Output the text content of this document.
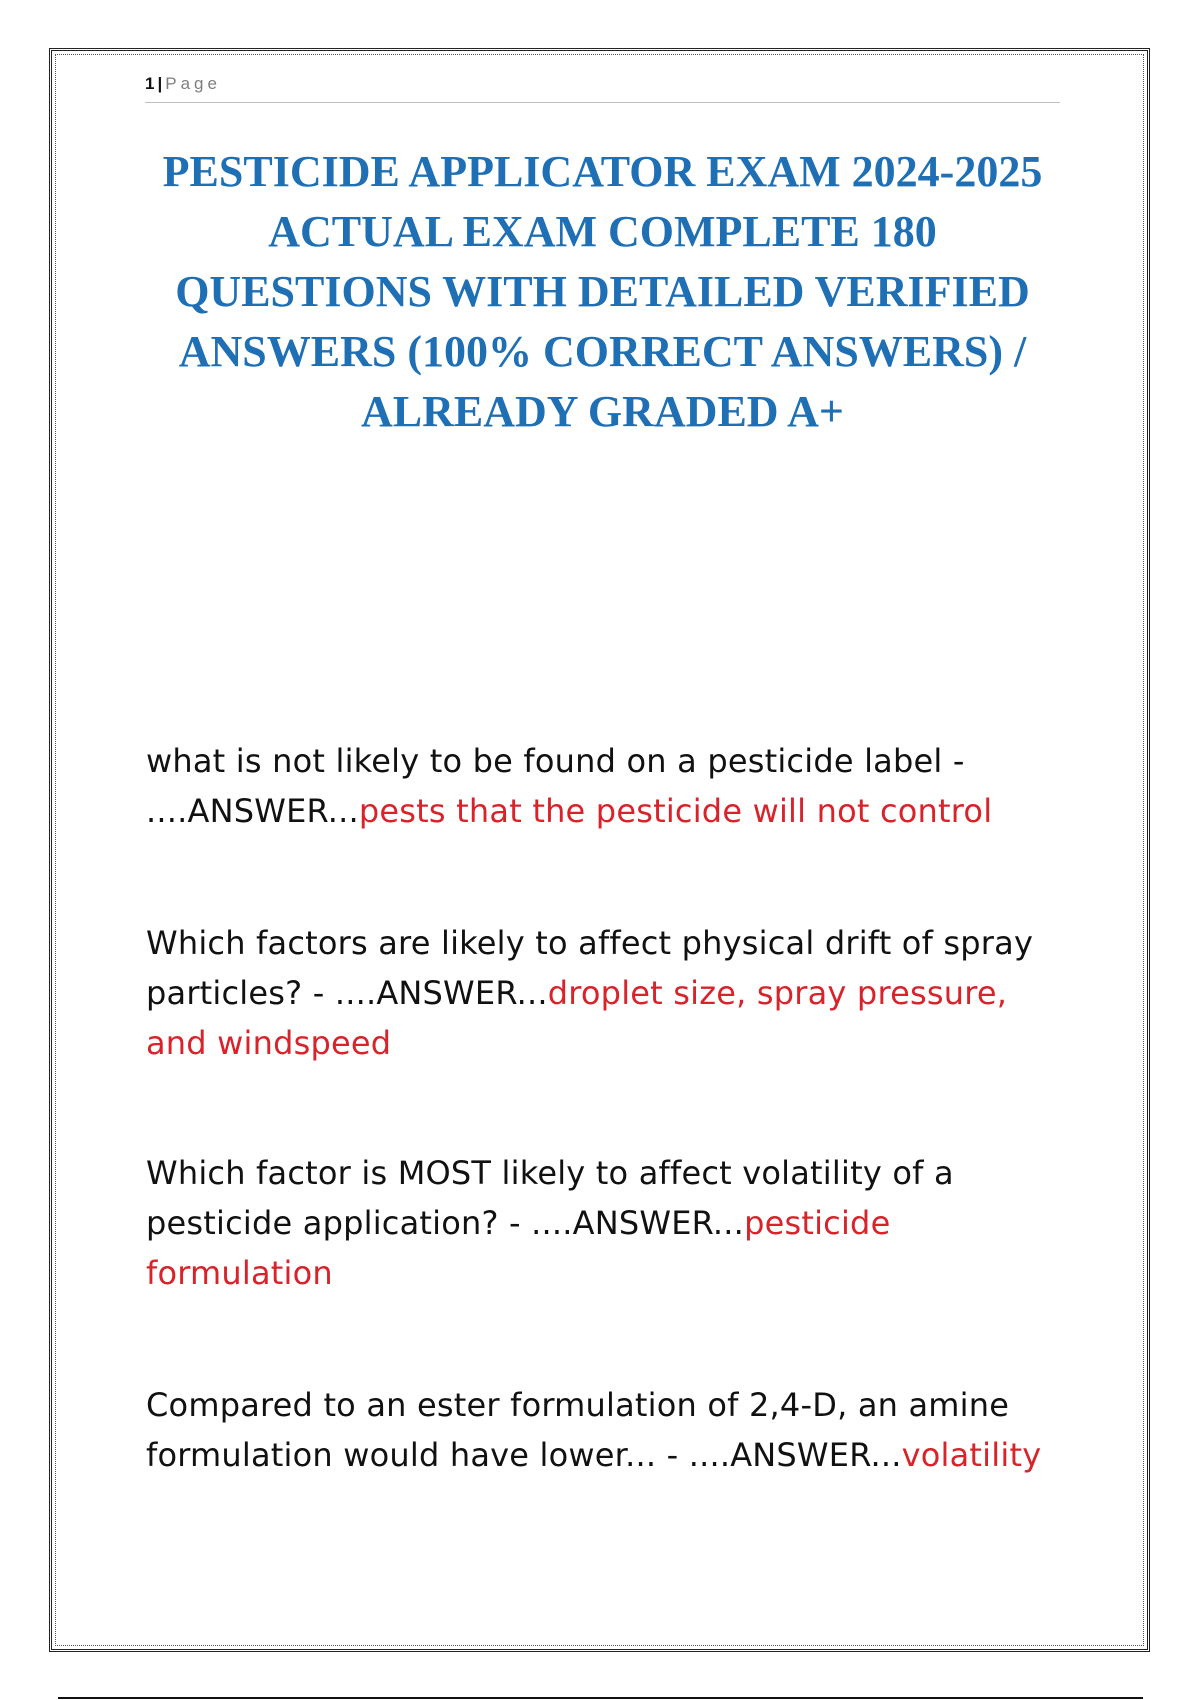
1 | Page
PESTICIDE APPLICATOR EXAM 2024-2025 ACTUAL EXAM COMPLETE 180 QUESTIONS WITH DETAILED VERIFIED ANSWERS (100% CORRECT ANSWERS) / ALREADY GRADED A+

what is not likely to be found on a pesticide label - ....ANSWER...pests that the pesticide will not control

Which factors are likely to affect physical drift of spray particles? - ....ANSWER...droplet size, spray pressure, and windspeed

Which factor is MOST likely to affect volatility of a pesticide application? - ....ANSWER...pesticide formulation

Compared to an ester formulation of 2,4-D, an amine formulation would have lower... - ....ANSWER...volatility
